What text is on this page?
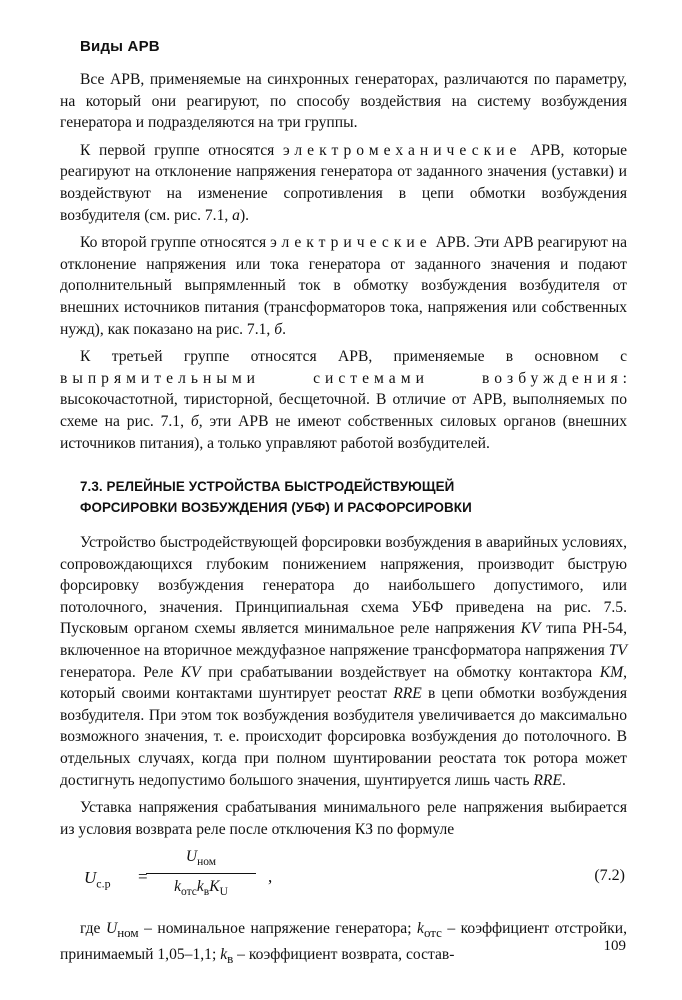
Виды АРВ

Все АРВ, применяемые на синхронных генераторах, различаются по параметру, на который они реагируют, по способу воздействия на систему возбуждения генератора и подразделяются на три группы.

К первой группе относятся электромеханические АРВ, которые реагируют на отклонение напряжения генератора от заданного значения (уставки) и воздействуют на изменение сопротивления в цепи обмотки возбуждения возбудителя (см. рис. 7.1, а).

Ко второй группе относятся электрические АРВ. Эти АРВ реагируют на отклонение напряжения или тока генератора от заданного значения и подают дополнительный выпрямленный ток в обмотку возбуждения возбудителя от внешних источников питания (трансформаторов тока, напряжения или собственных нужд), как показано на рис. 7.1, б.

К третьей группе относятся АРВ, применяемые в основном с выпрямительными системами возбуждения: высокочастотной, тиристорной, бесщеточной. В отличие от АРВ, выполняемых по схеме на рис. 7.1, б, эти АРВ не имеют собственных силовых органов (внешних источников питания), а только управляют работой возбудителей.

7.3. РЕЛЕЙНЫЕ УСТРОЙСТВА БЫСТРОДЕЙСТВУЮЩЕЙ
ФОРСИРОВКИ ВОЗБУЖДЕНИЯ (УБФ) И РАСФОРСИРОВКИ

Устройство быстродействующей форсировки возбуждения в аварийных условиях, сопровождающихся глубоким понижением напряжения, производит быструю форсировку возбуждения генератора до наибольшего допустимого, или потолочного, значения. Принципиальная схема УБФ приведена на рис. 7.5. Пусковым органом схемы является минимальное реле напряжения KV типа РН-54, включенное на вторичное междуфазное напряжение трансформатора напряжения TV генератора. Реле KV при срабатывании воздействует на обмотку контактора KM, который своими контактами шунтирует реостат RRE в цепи обмотки возбуждения возбудителя. При этом ток возбуждения возбудителя увеличивается до максимально возможного значения, т. е. происходит форсировка возбуждения до потолочного. В отдельных случаях, когда при полном шунтировании реостата ток ротора может достигнуть недопустимо большого значения, шунтируется лишь часть RRE.

Уставка напряжения срабатывания минимального реле напряжения выбирается из условия возврата реле после отключения КЗ по формуле

$U_{с.р}$ =
$U_{ном}$
$k_{отс}k_вK_U$
,	(7.2)

где $U_{ном}$ – номинальное напряжение генератора; $k_{отс}$ – коэффициент отстройки, принимаемый 1,05–1,1; $k_в$ – коэффициент возврата, состав-

109
